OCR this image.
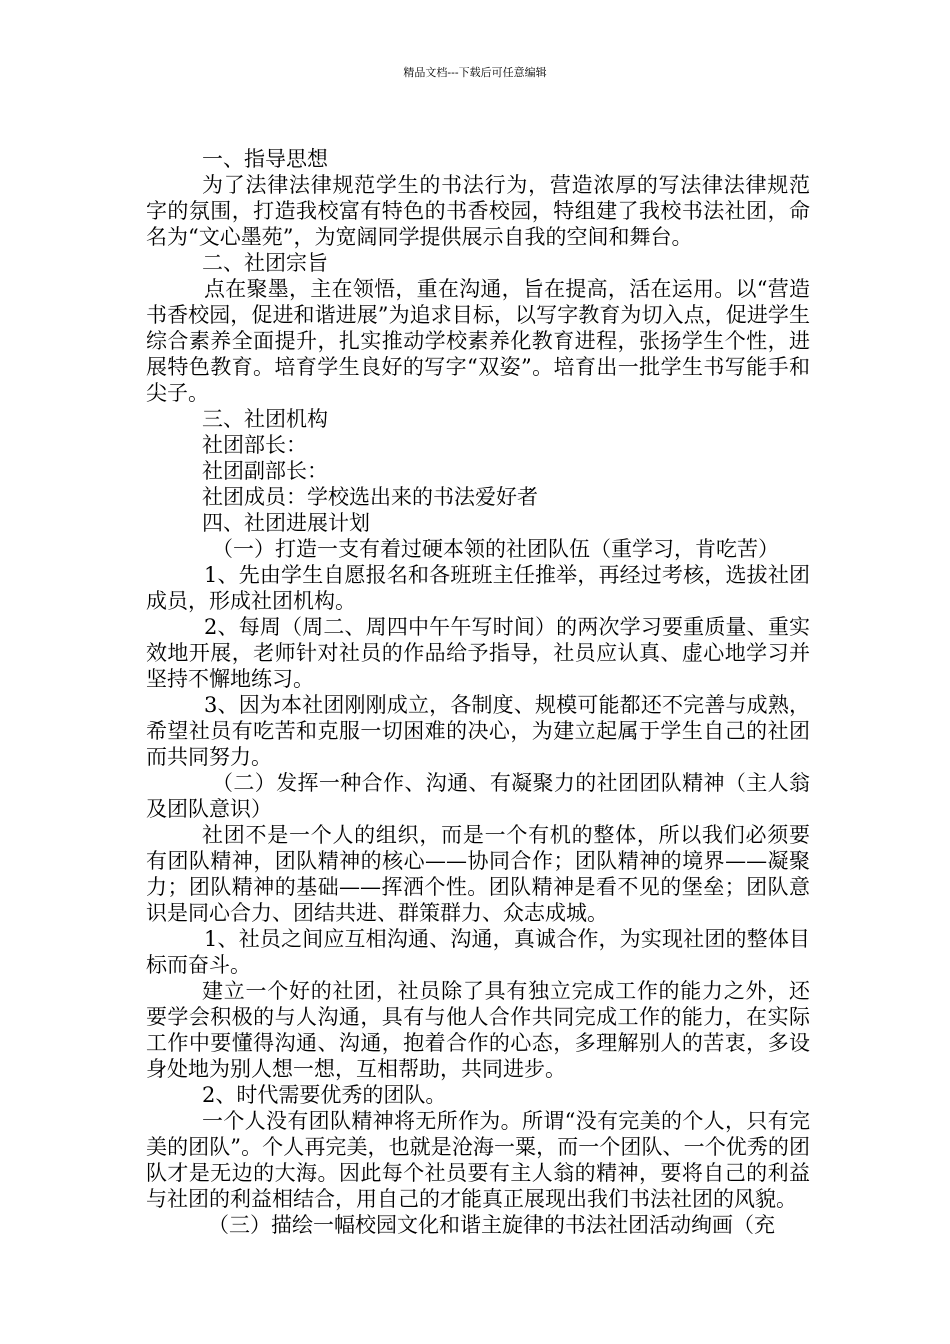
精品文档---下载后可任意编辑

一、指导思想

为了法律法律规范学生的书法行为，营造浓厚的写法律法律规范字的氛围，打造我校富有特色的书香校园，特组建了我校书法社团，命名为“文心墨苑”，为宽阔同学提供展示自我的空间和舞台。

二、社团宗旨

点在聚墨，主在领悟，重在沟通，旨在提高，活在运用。以“营造书香校园，促进和谐进展”为追求目标，以写字教育为切入点，促进学生综合素养全面提升，扎实推动学校素养化教育进程，张扬学生个性，进展特色教育。培育学生良好的写字“双姿”。培育出一批学生书写能手和尖子。

三、社团机构

社团部长：

社团副部长：

社团成员：学校选出来的书法爱好者

四、社团进展计划

（一）打造一支有着过硬本领的社团队伍（重学习，肯吃苦）

1、先由学生自愿报名和各班班主任推举，再经过考核，选拔社团成员，形成社团机构。

2、每周（周二、周四中午午写时间）的两次学习要重质量、重实效地开展，老师针对社员的作品给予指导，社员应认真、虚心地学习并坚持不懈地练习。

3、因为本社团刚刚成立，各制度、规模可能都还不完善与成熟，希望社员有吃苦和克服一切困难的决心，为建立起属于学生自己的社团而共同努力。

（二）发挥一种合作、沟通、有凝聚力的社团团队精神（主人翁及团队意识）

社团不是一个人的组织，而是一个有机的整体，所以我们必须要有团队精神，团队精神的核心——协同合作；团队精神的境界——凝聚力；团队精神的基础——挥洒个性。团队精神是看不见的堡垒；团队意识是同心合力、团结共进、群策群力、众志成城。

1、社员之间应互相沟通、沟通，真诚合作，为实现社团的整体目标而奋斗。

建立一个好的社团，社员除了具有独立完成工作的能力之外，还要学会积极的与人沟通，具有与他人合作共同完成工作的能力，在实际工作中要懂得沟通、沟通，抱着合作的心态，多理解别人的苦衷，多设身处地为别人想一想，互相帮助，共同进步。

2、时代需要优秀的团队。

一个人没有团队精神将无所作为。所谓“没有完美的个人，只有完美的团队”。个人再完美，也就是沧海一粟，而一个团队、一个优秀的团队才是无边的大海。因此每个社员要有主人翁的精神，要将自己的利益与社团的利益相结合，用自己的才能真正展现出我们书法社团的风貌。

（三）描绘一幅校园文化和谐主旋律的书法社团活动绚画（充
